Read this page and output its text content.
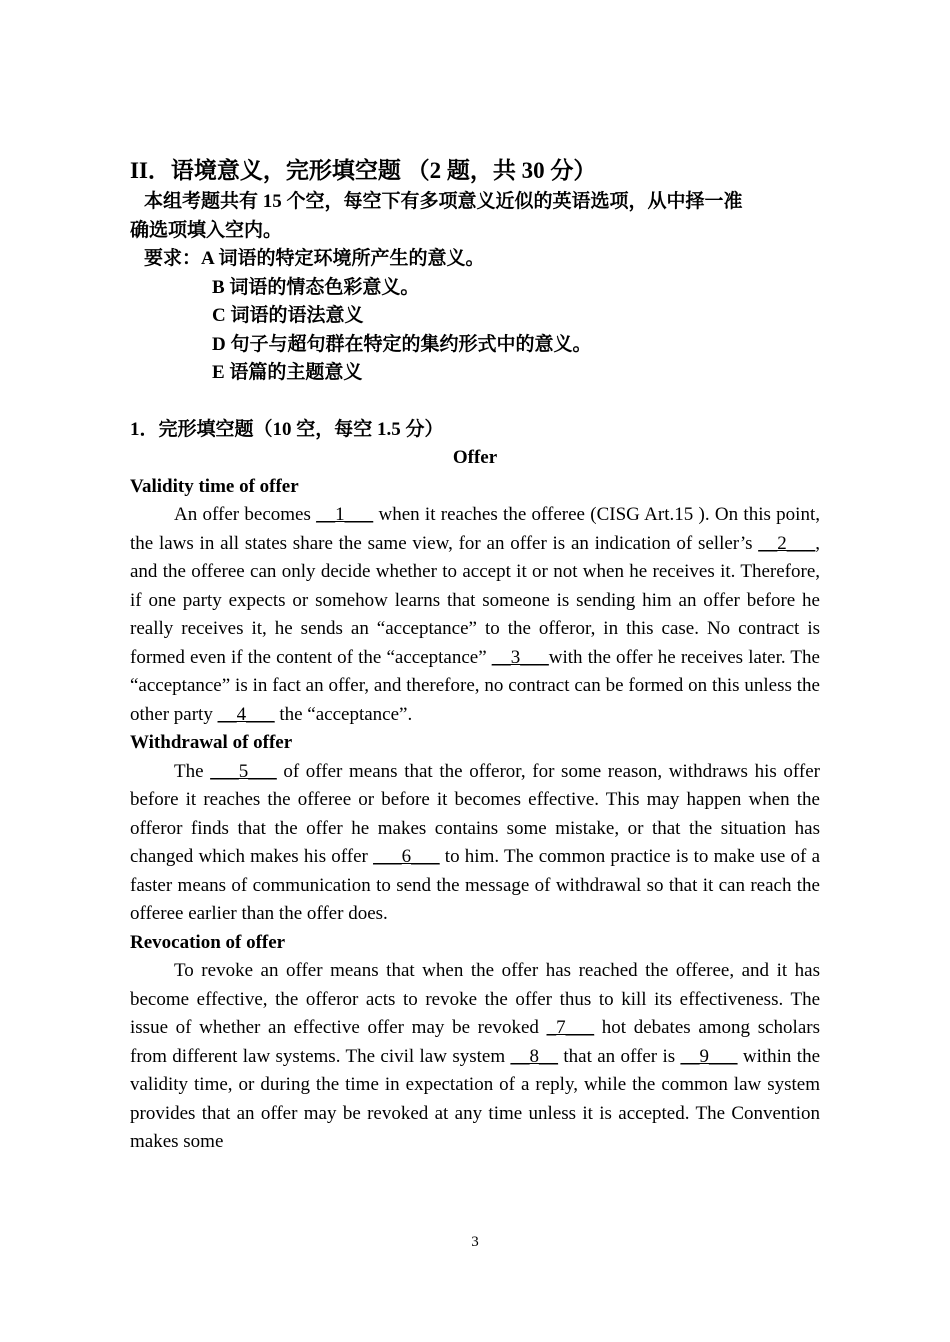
II．语境意义，完形填空题 （2 题，共 30 分）
本组考题共有 15 个空，每空下有多项意义近似的英语选项，从中择一准
确选项填入空内。
要求：A 词语的特定环境所产生的意义。
B 词语的情态色彩意义。
C 词语的语法意义
D 句子与超句群在特定的集约形式中的意义。
E 语篇的主题意义
1．完形填空题（10 空，每空 1.5 分）
Offer
Validity time of offer

An offer becomes __1___ when it reaches the offeree (CISG Art.15 ). On this point, the laws in all states share the same view, for an offer is an indication of seller’s __2___, and the offeree can only decide whether to accept it or not when he receives it. Therefore, if one party expects or somehow learns that someone is sending him an offer before he really receives it, he sends an “acceptance” to the offeror, in this case. No contract is formed even if the content of the “acceptance” __3___with the offer he receives later. The “acceptance” is in fact an offer, and therefore, no contract can be formed on this unless the other party __4___ the “acceptance”.

Withdrawal of offer

The ___5___ of offer means that the offeror, for some reason, withdraws his offer before it reaches the offeree or before it becomes effective. This may happen when the offeror finds that the offer he makes contains some mistake, or that the situation has changed which makes his offer ___6___ to him. The common practice is to make use of a faster means of communication to send the message of withdrawal so that it can reach the offeree earlier than the offer does.

Revocation of offer

To revoke an offer means that when the offer has reached the offeree, and it has become effective, the offeror acts to revoke the offer thus to kill its effectiveness. The issue of whether an effective offer may be revoked _7___ hot debates among scholars from different law systems. The civil law system __8__ that an offer is __9___ within the validity time, or during the time in expectation of a reply, while the common law system provides that an offer may be revoked at any time unless it is accepted. The Convention makes some

3
